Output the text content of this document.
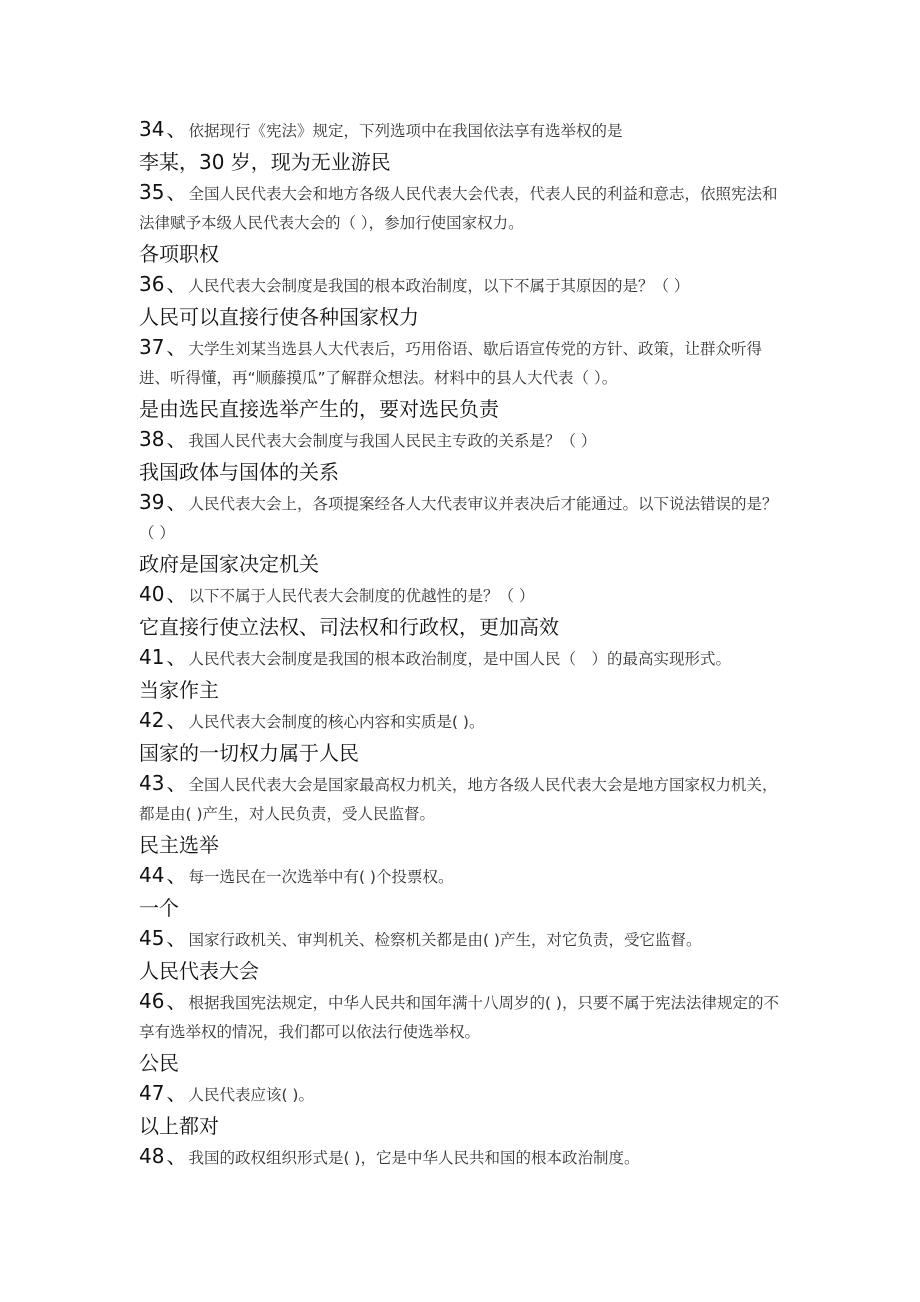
34 、 依据现行《宪法》规定，下列选项中在我国依法享有选举权的是

李某，30 岁，现为无业游民

35 、 全国人民代表大会和地方各级人民代表大会代表，代表人民的利益和意志，依照宪法和法律赋予本级人民代表大会的（ ），参加行使国家权力。

各项职权

36 、 人民代表大会制度是我国的根本政治制度，以下不属于其原因的是？（ ）

人民可以直接行使各种国家权力

37 、 大学生刘某当选县人大代表后，巧用俗语、歇后语宣传党的方针、政策，让群众听得进、听得懂，再“顺藤摸瓜”了解群众想法。材料中的县人大代表（ ）。

是由选民直接选举产生的，要对选民负责

38 、 我国人民代表大会制度与我国人民民主专政的关系是？（ ）

我国政体与国体的关系

39 、 人民代表大会上，各项提案经各人大代表审议并表决后才能通过。以下说法错误的是？（ ）

政府是国家决定机关

40 、 以下不属于人民代表大会制度的优越性的是？（ ）

它直接行使立法权、司法权和行政权，更加高效

41 、 人民代表大会制度是我国的根本政治制度，是中国人民（　）的最高实现形式。

当家作主

42 、 人民代表大会制度的核心内容和实质是( )。

国家的一切权力属于人民

43 、 全国人民代表大会是国家最高权力机关，地方各级人民代表大会是地方国家权力机关，都是由( )产生，对人民负责，受人民监督。

民主选举

44 、 每一选民在一次选举中有( )个投票权。

一个

45 、 国家行政机关、审判机关、检察机关都是由( )产生，对它负责，受它监督。

人民代表大会

46 、 根据我国宪法规定，中华人民共和国年满十八周岁的( )，只要不属于宪法法律规定的不享有选举权的情况，我们都可以依法行使选举权。

公民

47 、 人民代表应该( )。

以上都对

48 、 我国的政权组织形式是( )，它是中华人民共和国的根本政治制度。
